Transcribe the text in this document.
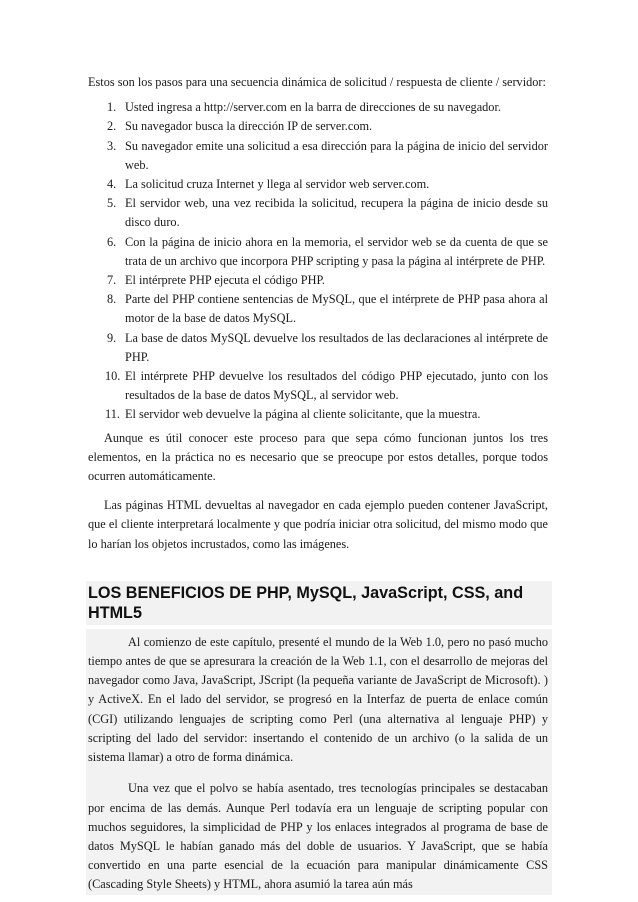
Estos son los pasos para una secuencia dinámica de solicitud / respuesta de cliente / servidor:

1. Usted ingresa a http://server.com en la barra de direcciones de su navegador.
2. Su navegador busca la dirección IP de server.com.
3. Su navegador emite una solicitud a esa dirección para la página de inicio del servidor web.
4. La solicitud cruza Internet y llega al servidor web server.com.
5. El servidor web, una vez recibida la solicitud, recupera la página de inicio desde su disco duro.
6. Con la página de inicio ahora en la memoria, el servidor web se da cuenta de que se trata de un archivo que incorpora PHP scripting y pasa la página al intérprete de PHP.
7. El intérprete PHP ejecuta el código PHP.
8. Parte del PHP contiene sentencias de MySQL, que el intérprete de PHP pasa ahora al motor de la base de datos MySQL.
9. La base de datos MySQL devuelve los resultados de las declaraciones al intérprete de PHP.
10. El intérprete PHP devuelve los resultados del código PHP ejecutado, junto con los resultados de la base de datos MySQL, al servidor web.
11. El servidor web devuelve la página al cliente solicitante, que la muestra.

Aunque es útil conocer este proceso para que sepa cómo funcionan juntos los tres elementos, en la práctica no es necesario que se preocupe por estos detalles, porque todos ocurren automáticamente.

Las páginas HTML devueltas al navegador en cada ejemplo pueden contener JavaScript, que el cliente interpretará localmente y que podría iniciar otra solicitud, del mismo modo que lo harían los objetos incrustados, como las imágenes.

LOS BENEFICIOS DE PHP, MySQL, JavaScript, CSS, and HTML5

Al comienzo de este capítulo, presenté el mundo de la Web 1.0, pero no pasó mucho tiempo antes de que se apresurara la creación de la Web 1.1, con el desarrollo de mejoras del navegador como Java, JavaScript, JScript (la pequeña variante de JavaScript de Microsoft). ) y ActiveX. En el lado del servidor, se progresó en la Interfaz de puerta de enlace común (CGI) utilizando lenguajes de scripting como Perl (una alternativa al lenguaje PHP) y scripting del lado del servidor: insertando el contenido de un archivo (o la salida de un sistema llamar) a otro de forma dinámica.

Una vez que el polvo se había asentado, tres tecnologías principales se destacaban por encima de las demás. Aunque Perl todavía era un lenguaje de scripting popular con muchos seguidores, la simplicidad de PHP y los enlaces integrados al programa de base de datos MySQL le habían ganado más del doble de usuarios. Y JavaScript, que se había convertido en una parte esencial de la ecuación para manipular dinámicamente CSS (Cascading Style Sheets) y HTML, ahora asumió la tarea aún más
